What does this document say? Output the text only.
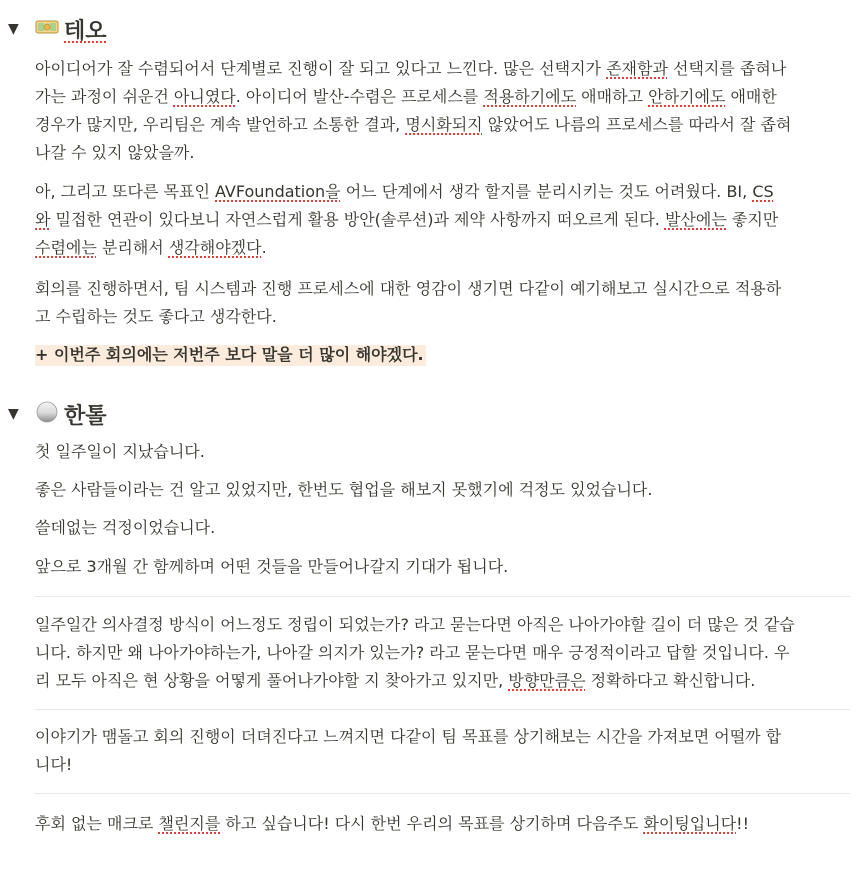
▼ 테오
아이디어가 잘 수렴되어서 단계별로 진행이 잘 되고 있다고 느낀다. 많은 선택지가 존재함과 선택지를 좁혀나
가는 과정이 쉬운건 아니였다. 아이디어 발산-수렴은 프로세스를 적용하기에도 애매하고 안하기에도 애매한
경우가 많지만, 우리팀은 계속 발언하고 소통한 결과, 명시화되지 않았어도 나름의 프로세스를 따라서 잘 좁혀
나갈 수 있지 않았을까.
아, 그리고 또다른 목표인 AVFoundation을 어느 단계에서 생각 할지를 분리시키는 것도 어려웠다. BI, CS
와 밀접한 연관이 있다보니 자연스럽게 활용 방안(솔루션)과 제약 사항까지 떠오르게 된다. 발산에는 좋지만
수렴에는 분리해서 생각해야겠다.
회의를 진행하면서, 팀 시스템과 진행 프로세스에 대한 영감이 생기면 다같이 예기해보고 실시간으로 적용하
고 수립하는 것도 좋다고 생각한다.
+ 이번주 회의에는 저번주 보다 말을 더 많이 해야겠다.
▼ 한톨
첫 일주일이 지났습니다.
좋은 사람들이라는 건 알고 있었지만, 한번도 협업을 해보지 못했기에 걱정도 있었습니다.
쓸데없는 걱정이었습니다.
앞으로 3개월 간 함께하며 어떤 것들을 만들어나갈지 기대가 됩니다.
일주일간 의사결정 방식이 어느정도 정립이 되었는가? 라고 묻는다면 아직은 나아가야할 길이 더 많은 것 같습
니다. 하지만 왜 나아가야하는가, 나아갈 의지가 있는가? 라고 묻는다면 매우 긍정적이라고 답할 것입니다. 우
리 모두 아직은 현 상황을 어떻게 풀어나가야할 지 찾아가고 있지만, 방향만큼은 정확하다고 확신합니다.
이야기가 맴돌고 회의 진행이 더뎌진다고 느껴지면 다같이 팀 목표를 상기해보는 시간을 가져보면 어떨까 합
니다!
후회 없는 매크로 챌린지를 하고 싶습니다! 다시 한번 우리의 목표를 상기하며 다음주도 화이팅입니다!!
